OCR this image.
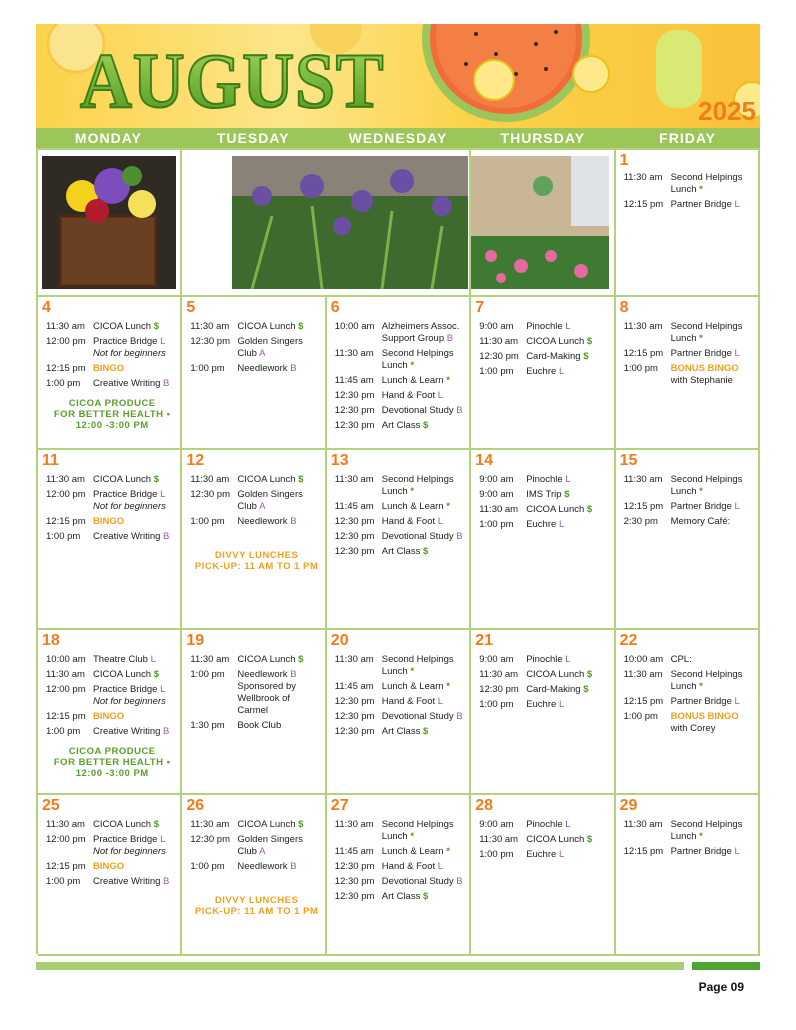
AUGUST	2025
MONDAY	TUESDAY	WEDNESDAY	THURSDAY	FRIDAY
1
11:30 am Second Helpings Lunch *
12:15 pm Partner Bridge L
4
11:30 am CICOA Lunch $
12:00 pm Practice Bridge L
Not for beginners
12:15 pm BINGO
1:00 pm	Creative Writing B
CICOA PRODUCE
FOR BETTER HEALTH •
12:00 -3:00 PM
5
11:30 am CICOA Lunch $
12:30 pm Golden Singers Club A
1:00 pm	Needlework B
6
10:00 am Alzheimers Assoc. Support Group B
11:30 am Second Helpings Lunch *
11:45 am Lunch & Learn *
12:30 pm Hand & Foot L
12:30 pm Devotional Study B
12:30 pm Art Class $
7
9:00 am	Pinochle L
11:30 am CICOA Lunch $
12:30 pm Card-Making $
1:00 pm	Euchre L
8
11:30 am Second Helpings Lunch *
12:15 pm Partner Bridge L
1:00 pm	BONUS BINGO
with Stephanie
11
11:30 am CICOA Lunch $
12:00 pm Practice Bridge L
Not for beginners
12:15 pm BINGO
1:00 pm	Creative Writing B
12
11:30 am CICOA Lunch $
12:30 pm Golden Singers Club A
1:00 pm	Needlework B
DIVVY LUNCHES
PICK-UP: 11 AM TO 1 PM
13
11:30 am Second Helpings Lunch *
11:45 am Lunch & Learn *
12:30 pm Hand & Foot L
12:30 pm Devotional Study B
12:30 pm Art Class $
14
9:00 am	Pinochle L
9:00 am	IMS Trip $
11:30 am CICOA Lunch $
1:00 pm	Euchre L
15
11:30 am Second Helpings Lunch *
12:15 pm Partner Bridge L
2:30 pm	Memory Café:
18
10:00 am Theatre Club L
11:30 am CICOA Lunch $
12:00 pm Practice Bridge L
Not for beginners
12:15 pm BINGO
1:00 pm	Creative Writing B
CICOA PRODUCE
FOR BETTER HEALTH •
12:00 -3:00 PM
19
11:30 am CICOA Lunch $
1:00 pm	Needlework B
Sponsored by Wellbrook of Carmel
1:30 pm	Book Club
20
11:30 am Second Helpings Lunch *
11:45 am Lunch & Learn *
12:30 pm Hand & Foot L
12:30 pm Devotional Study B
12:30 pm Art Class $
21
9:00 am	Pinochle L
11:30 am CICOA Lunch $
12:30 pm Card-Making $
1:00 pm	Euchre L
22
10:00 am CPL:
11:30 am Second Helpings Lunch *
12:15 pm Partner Bridge L
1:00 pm	BONUS BINGO
with Corey
25
11:30 am CICOA Lunch $
12:00 pm Practice Bridge L
Not for beginners
12:15 pm BINGO
1:00 pm	Creative Writing B
26
11:30 am CICOA Lunch $
12:30 pm Golden Singers Club A
1:00 pm	Needlework B
DIVVY LUNCHES
PICK-UP: 11 AM TO 1 PM
27
11:30 am Second Helpings Lunch *
11:45 am Lunch & Learn *
12:30 pm Hand & Foot L
12:30 pm Devotional Study B
12:30 pm Art Class $
28
9:00 am	Pinochle L
11:30 am CICOA Lunch $
1:00 pm	Euchre L
29
11:30 am Second Helpings Lunch *
12:15 pm Partner Bridge L
Page 09
